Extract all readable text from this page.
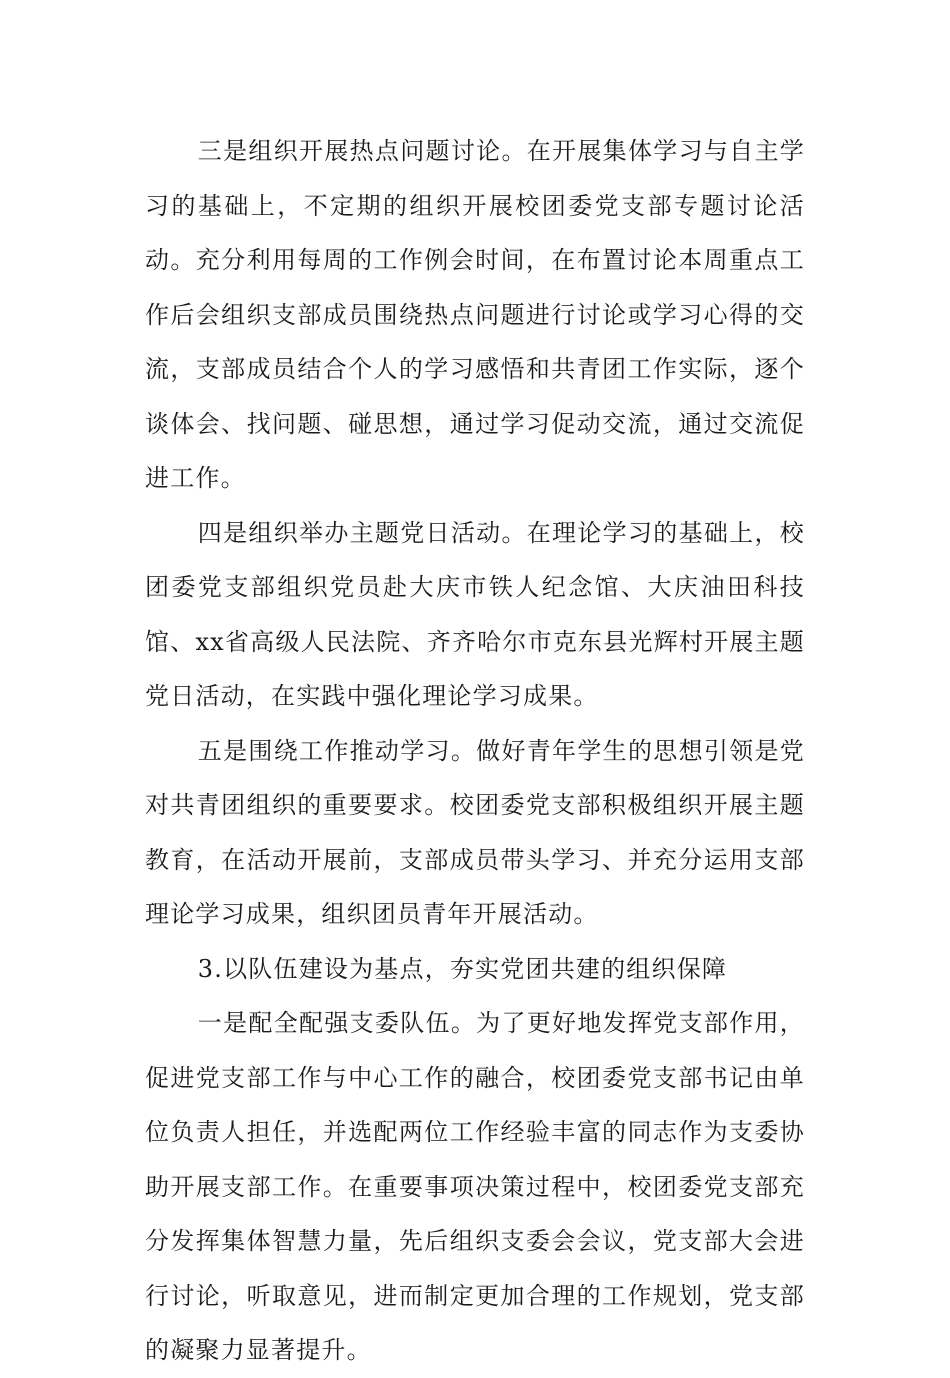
三是组织开展热点问题讨论。在开展集体学习与自主学习的基础上，不定期的组织开展校团委党支部专题讨论活动。充分利用每周的工作例会时间，在布置讨论本周重点工作后会组织支部成员围绕热点问题进行讨论或学习心得的交流，支部成员结合个人的学习感悟和共青团工作实际，逐个谈体会、找问题、碰思想，通过学习促动交流，通过交流促进工作。

四是组织举办主题党日活动。在理论学习的基础上，校团委党支部组织党员赴大庆市铁人纪念馆、大庆油田科技馆、xx省高级人民法院、齐齐哈尔市克东县光辉村开展主题党日活动，在实践中强化理论学习成果。

五是围绕工作推动学习。做好青年学生的思想引领是党对共青团组织的重要要求。校团委党支部积极组织开展主题教育，在活动开展前，支部成员带头学习、并充分运用支部理论学习成果，组织团员青年开展活动。

3.以队伍建设为基点，夯实党团共建的组织保障

一是配全配强支委队伍。为了更好地发挥党支部作用，促进党支部工作与中心工作的融合，校团委党支部书记由单位负责人担任，并选配两位工作经验丰富的同志作为支委协助开展支部工作。在重要事项决策过程中，校团委党支部充分发挥集体智慧力量，先后组织支委会会议，党支部大会进行讨论，听取意见，进而制定更加合理的工作规划，党支部的凝聚力显著提升。
